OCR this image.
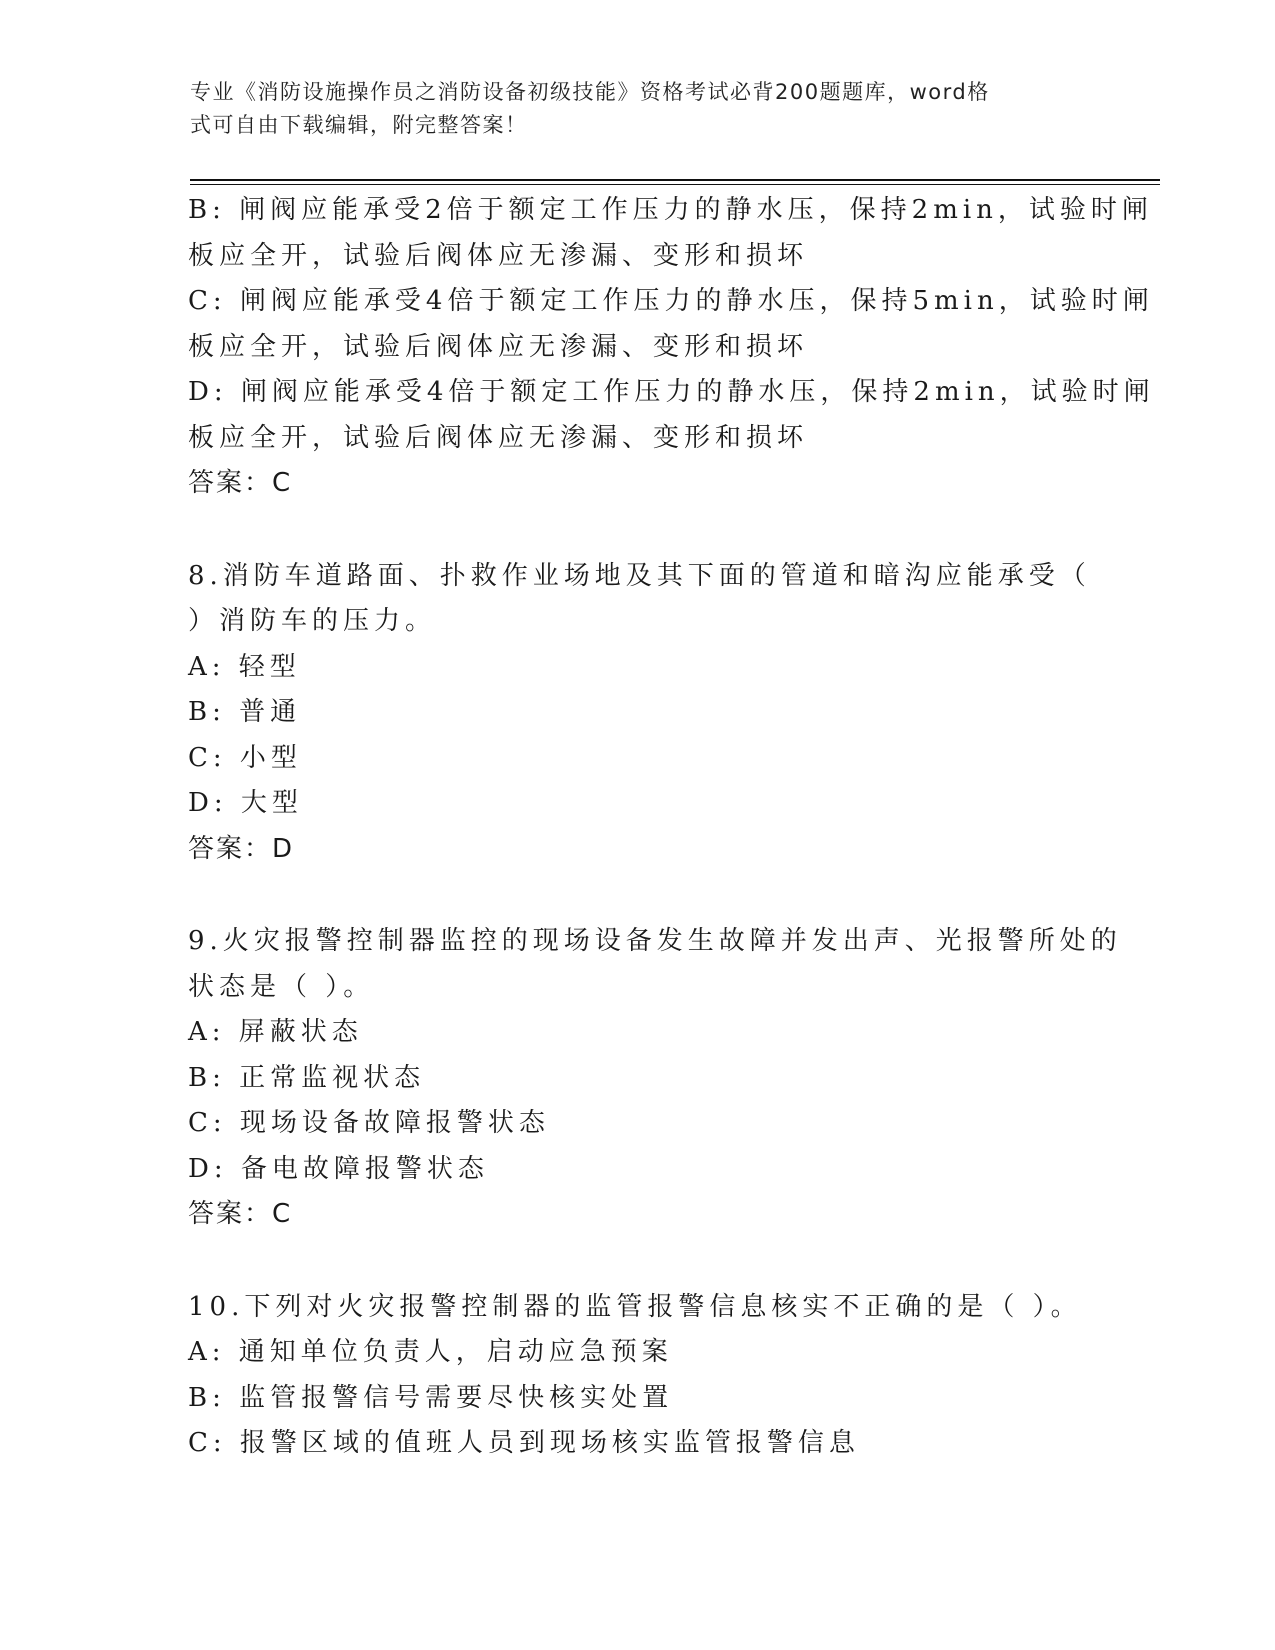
专业《消防设施操作员之消防设备初级技能》资格考试必背200题题库，word格
式可自由下载编辑，附完整答案！
B: 闸阀应能承受2倍于额定工作压力的静水压，保持2min，试验时闸
板应全开，试验后阀体应无渗漏、变形和损坏
C: 闸阀应能承受4倍于额定工作压力的静水压，保持5min，试验时闸
板应全开，试验后阀体应无渗漏、变形和损坏
D: 闸阀应能承受4倍于额定工作压力的静水压，保持2min，试验时闸
板应全开，试验后阀体应无渗漏、变形和损坏
答案：C
8.消防车道路面、扑救作业场地及其下面的管道和暗沟应能承受（
）消防车的压力。
A: 轻型
B: 普通
C: 小型
D: 大型
答案：D
9.火灾报警控制器监控的现场设备发生故障并发出声、光报警所处的
状态是（ ）。
A: 屏蔽状态
B: 正常监视状态
C: 现场设备故障报警状态
D: 备电故障报警状态
答案：C
10.下列对火灾报警控制器的监管报警信息核实不正确的是（ ）。
A: 通知单位负责人，启动应急预案
B: 监管报警信号需要尽快核实处置
C: 报警区域的值班人员到现场核实监管报警信息
